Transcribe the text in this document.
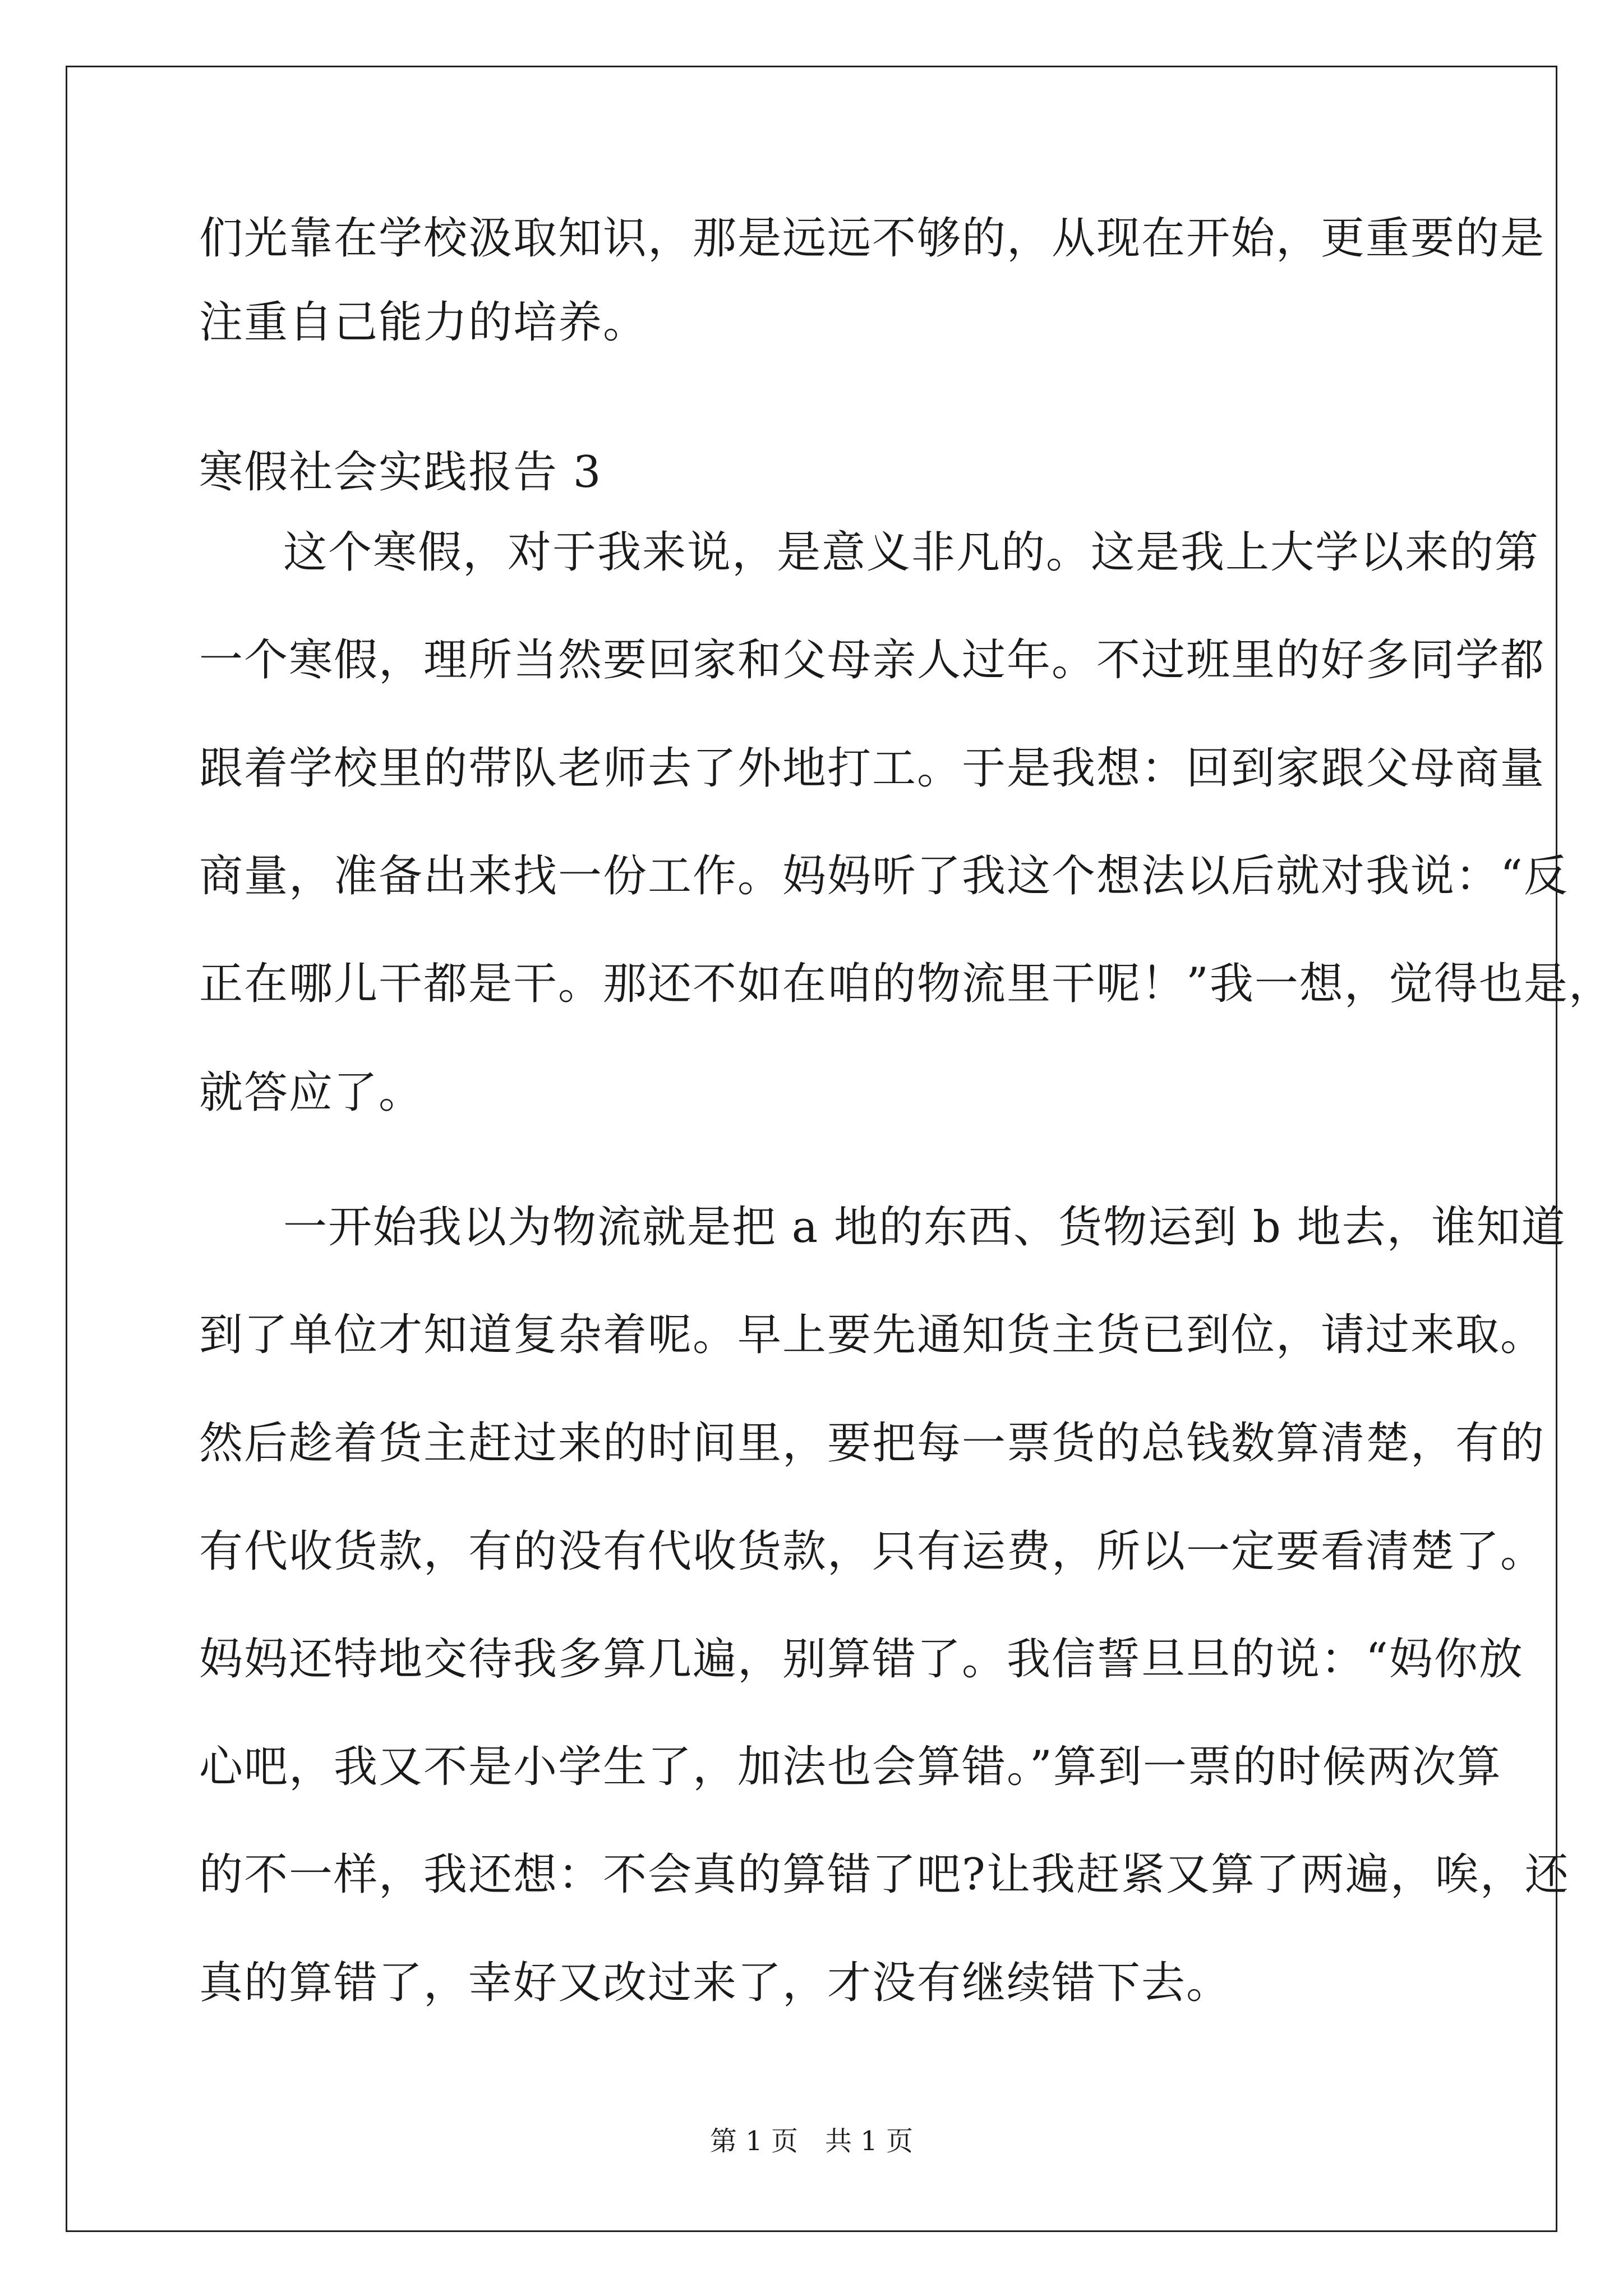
们光靠在学校汲取知识，那是远远不够的，从现在开始，更重要的是
注重自己能力的培养。
寒假社会实践报告 3
这个寒假，对于我来说，是意义非凡的。这是我上大学以来的第
一个寒假，理所当然要回家和父母亲人过年。不过班里的好多同学都
跟着学校里的带队老师去了外地打工。于是我想：回到家跟父母商量
商量，准备出来找一份工作。妈妈听了我这个想法以后就对我说：“反
正在哪儿干都是干。那还不如在咱的物流里干呢！”我一想，觉得也是，
就答应了。
一开始我以为物流就是把 a 地的东西、货物运到 b 地去，谁知道
到了单位才知道复杂着呢。早上要先通知货主货已到位，请过来取。
然后趁着货主赶过来的时间里，要把每一票货的总钱数算清楚，有的
有代收货款，有的没有代收货款，只有运费，所以一定要看清楚了。
妈妈还特地交待我多算几遍，别算错了。我信誓旦旦的说：“妈你放
心吧，我又不是小学生了，加法也会算错。”算到一票的时候两次算
的不一样，我还想：不会真的算错了吧?让我赶紧又算了两遍，唉，还
真的算错了，幸好又改过来了，才没有继续错下去。
第 1 页　共 1 页
